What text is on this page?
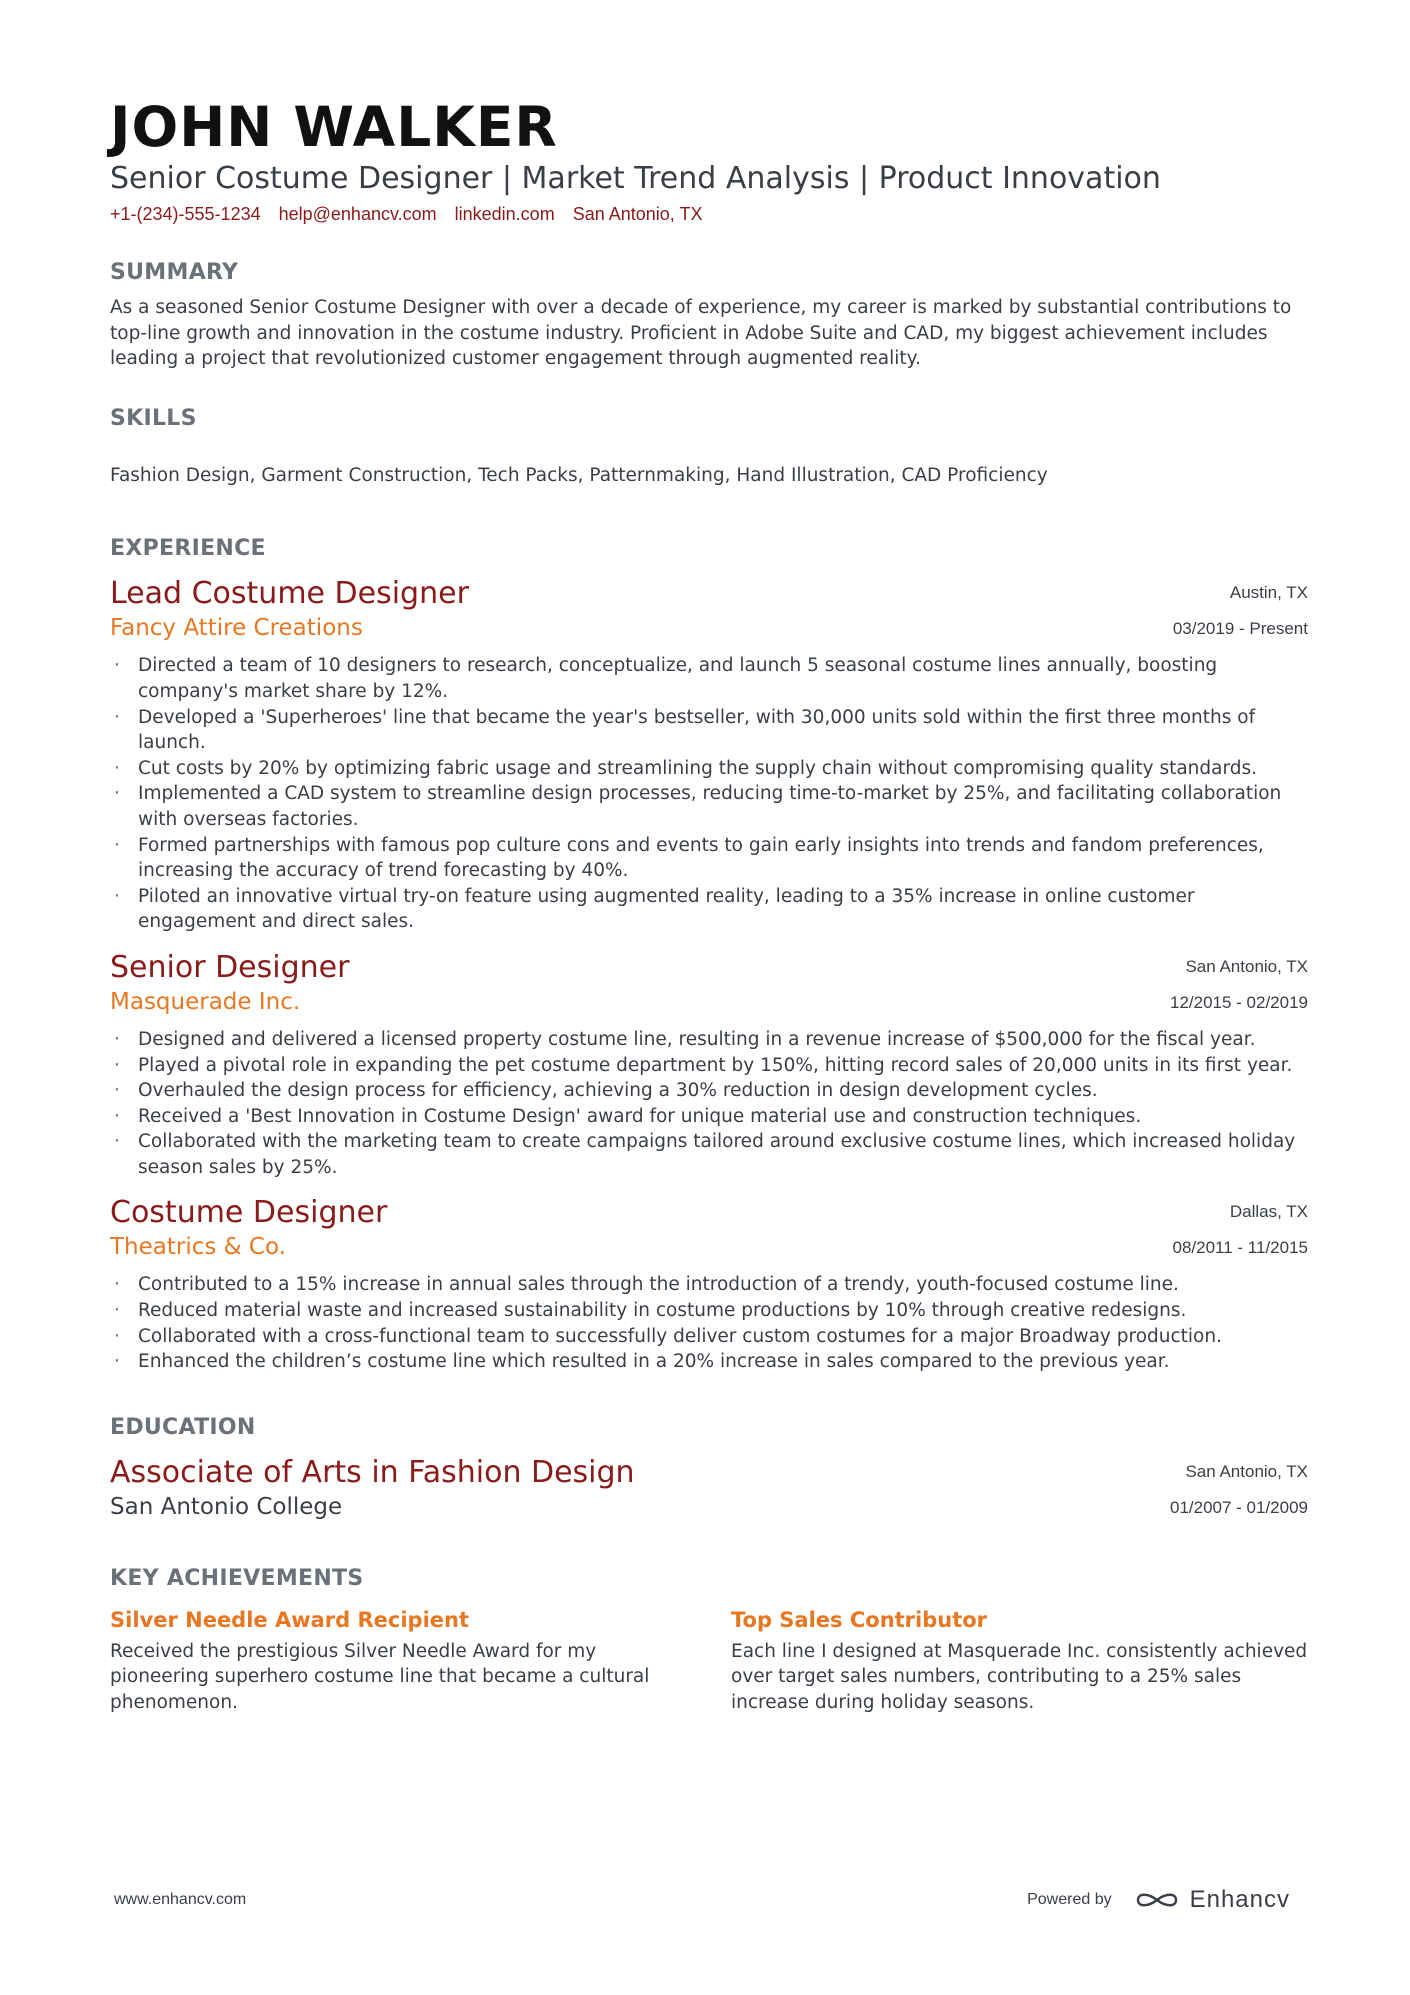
JOHN WALKER
Senior Costume Designer | Market Trend Analysis | Product Innovation
+1-(234)-555-1234 help@enhancv.com linkedin.com San Antonio, TX
SUMMARY
As a seasoned Senior Costume Designer with over a decade of experience, my career is marked by substantial contributions to top-line growth and innovation in the costume industry. Proficient in Adobe Suite and CAD, my biggest achievement includes leading a project that revolutionized customer engagement through augmented reality.
SKILLS
Fashion Design, Garment Construction, Tech Packs, Patternmaking, Hand Illustration, CAD Proficiency
EXPERIENCE
Lead Costume Designer
Fancy Attire Creations
Austin, TX
03/2019 - Present
· Directed a team of 10 designers to research, conceptualize, and launch 5 seasonal costume lines annually, boosting company's market share by 12%.
· Developed a 'Superheroes' line that became the year's bestseller, with 30,000 units sold within the first three months of launch.
· Cut costs by 20% by optimizing fabric usage and streamlining the supply chain without compromising quality standards.
· Implemented a CAD system to streamline design processes, reducing time-to-market by 25%, and facilitating collaboration with overseas factories.
· Formed partnerships with famous pop culture cons and events to gain early insights into trends and fandom preferences, increasing the accuracy of trend forecasting by 40%.
· Piloted an innovative virtual try-on feature using augmented reality, leading to a 35% increase in online customer engagement and direct sales.
Senior Designer
Masquerade Inc.
San Antonio, TX
12/2015 - 02/2019
· Designed and delivered a licensed property costume line, resulting in a revenue increase of $500,000 for the fiscal year.
· Played a pivotal role in expanding the pet costume department by 150%, hitting record sales of 20,000 units in its first year.
· Overhauled the design process for efficiency, achieving a 30% reduction in design development cycles.
· Received a 'Best Innovation in Costume Design' award for unique material use and construction techniques.
· Collaborated with the marketing team to create campaigns tailored around exclusive costume lines, which increased holiday season sales by 25%.
Costume Designer
Theatrics & Co.
Dallas, TX
08/2011 - 11/2015
· Contributed to a 15% increase in annual sales through the introduction of a trendy, youth-focused costume line.
· Reduced material waste and increased sustainability in costume productions by 10% through creative redesigns.
· Collaborated with a cross-functional team to successfully deliver custom costumes for a major Broadway production.
· Enhanced the children’s costume line which resulted in a 20% increase in sales compared to the previous year.
EDUCATION
Associate of Arts in Fashion Design
San Antonio College
San Antonio, TX
01/2007 - 01/2009
KEY ACHIEVEMENTS
Silver Needle Award Recipient
Received the prestigious Silver Needle Award for my pioneering superhero costume line that became a cultural phenomenon.
Top Sales Contributor
Each line I designed at Masquerade Inc. consistently achieved over target sales numbers, contributing to a 25% sales increase during holiday seasons.
www.enhancv.com	Powered by	Enhancv
